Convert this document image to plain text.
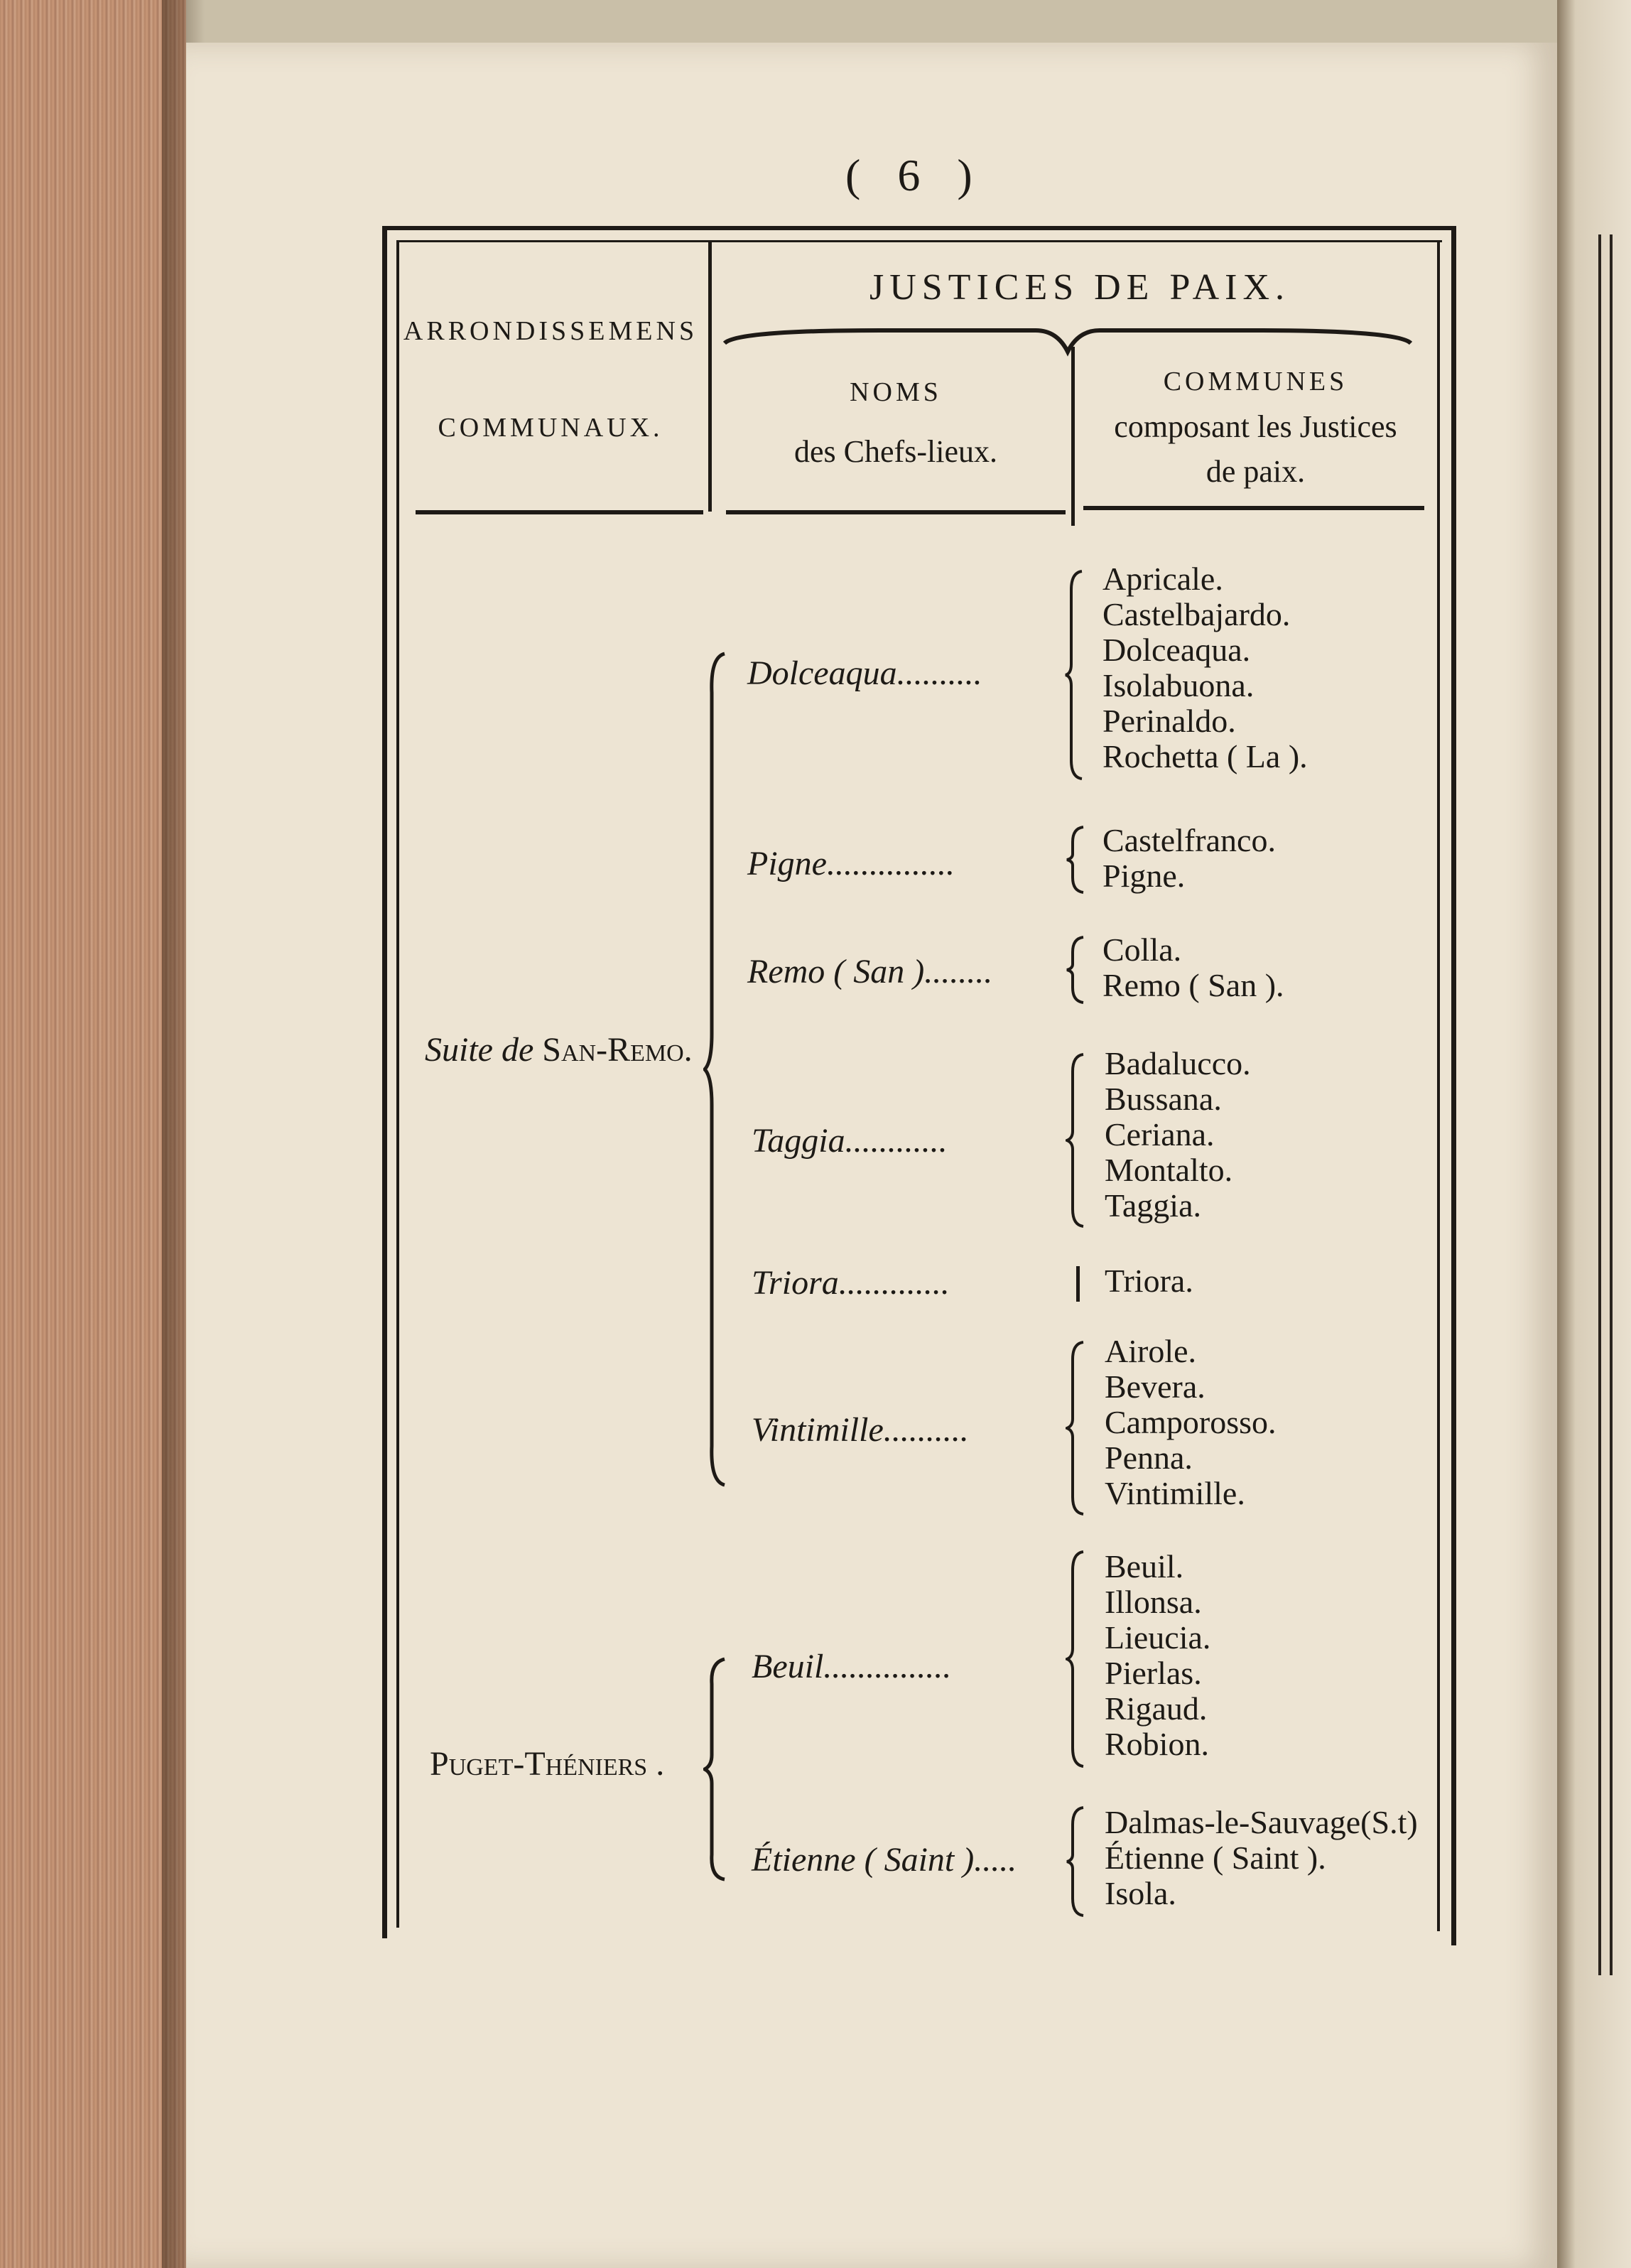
( 6 )
ARRONDISSEMENS
COMMUNAUX.
JUSTICES DE PAIX.
NOMS
des Chefs-lieux.
COMMUNES
composant les Justices
de paix.
Suite de San-Remo.
Puget-Théniers .
Dolceaqua..........
Apricale.
Castelbajardo.
Dolceaqua.
Isolabuona.
Perinaldo.
Rochetta ( La ).
Pigne...............
Castelfranco.
Pigne.
Remo ( San )........
Colla.
Remo ( San ).
Taggia............
Badalucco.
Bussana.
Ceriana.
Montalto.
Taggia.
Triora.............	Triora.
Vintimille..........
Airole.
Bevera.
Camporosso.
Penna.
Vintimille.
Beuil...............
Beuil.
Illonsa.
Lieucia.
Pierlas.
Rigaud.
Robion.
Étienne ( Saint ).....
Dalmas-le-Sauvage(S.t)
Étienne ( Saint ).
Isola.
